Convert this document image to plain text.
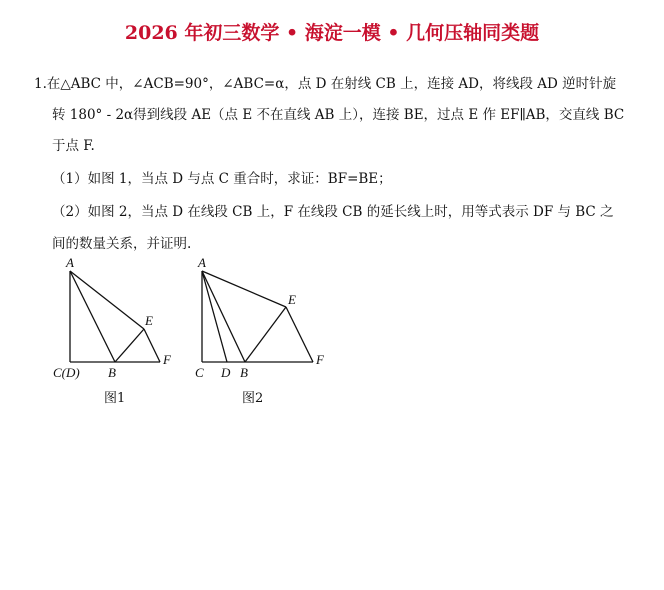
2026 年初三数学 • 海淀一模 • 几何压轴同类题
1.在△ABC 中，∠ACB=90°，∠ABC=α，点 D 在射线 CB 上，连接 AD，将线段 AD 逆时针旋
转 180° - 2α得到线段 AE（点 E 不在直线 AB 上），连接 BE，过点 E 作 EF∥AB，交直线 BC
于点 F.
（1）如图 1，当点 D 与点 C 重合时，求证：BF=BE；
（2）如图 2，当点 D 在线段 CB 上，F 在线段 CB 的延长线上时，用等式表示 DF 与 BC 之
间的数量关系，并证明.
A
C(D) B
E
F
图1
A
C D B
E
F
图2
